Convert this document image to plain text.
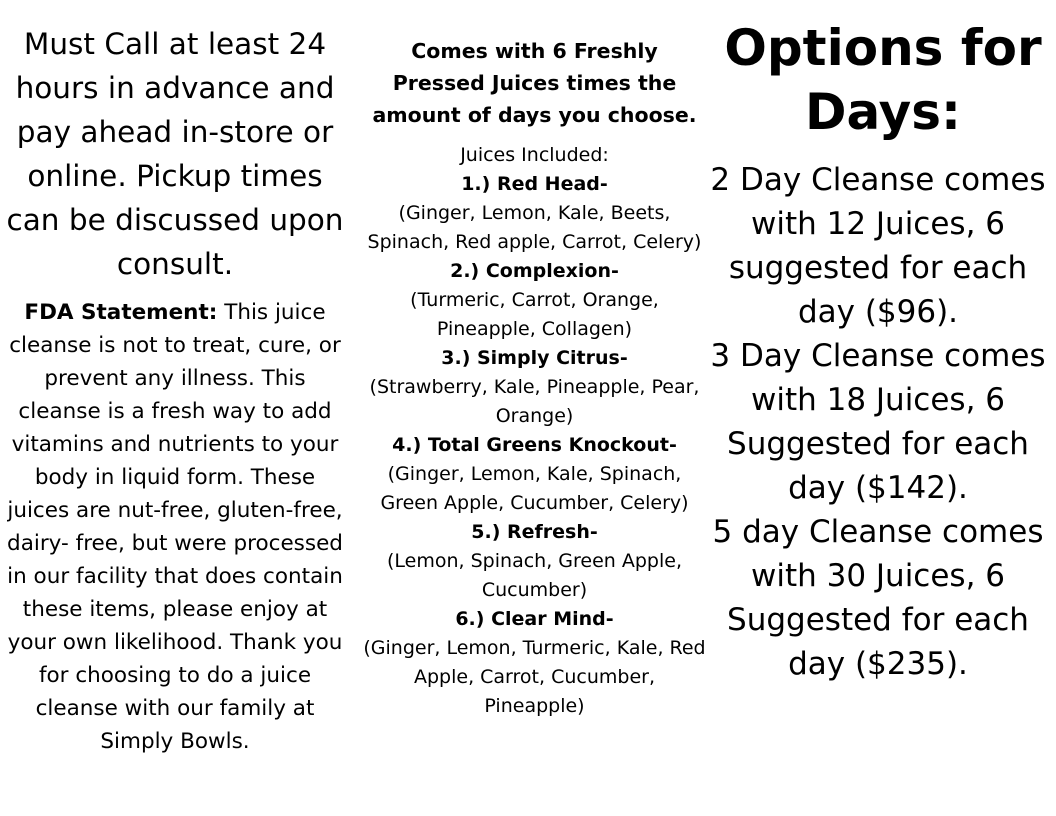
Must Call at least 24 hours in advance and pay ahead in-store or online. Pickup times can be discussed upon consult.
FDA Statement: This juice cleanse is not to treat, cure, or prevent any illness. This cleanse is a fresh way to add vitamins and nutrients to your body in liquid form. These juices are nut-free, gluten-free, dairy- free, but were processed in our facility that does contain these items, please enjoy at your own likelihood. Thank you for choosing to do a juice cleanse with our family at Simply Bowls.
Comes with 6 Freshly Pressed Juices times the amount of days you choose.
Juices Included:
1.) Red Head-
(Ginger, Lemon, Kale, Beets, Spinach, Red apple, Carrot, Celery)
2.) Complexion-
(Turmeric, Carrot, Orange, Pineapple, Collagen)
3.) Simply Citrus-
(Strawberry, Kale, Pineapple, Pear, Orange)
4.) Total Greens Knockout-
(Ginger, Lemon, Kale, Spinach, Green Apple, Cucumber, Celery)
5.) Refresh-
(Lemon, Spinach, Green Apple, Cucumber)
6.) Clear Mind-
(Ginger, Lemon, Turmeric, Kale, Red Apple, Carrot, Cucumber, Pineapple)
Options for Days:
2 Day Cleanse comes with 12 Juices, 6 suggested for each day ($96).
3 Day Cleanse comes with 18 Juices, 6 Suggested for each day ($142).
5 day Cleanse comes with 30 Juices, 6 Suggested for each day ($235).
